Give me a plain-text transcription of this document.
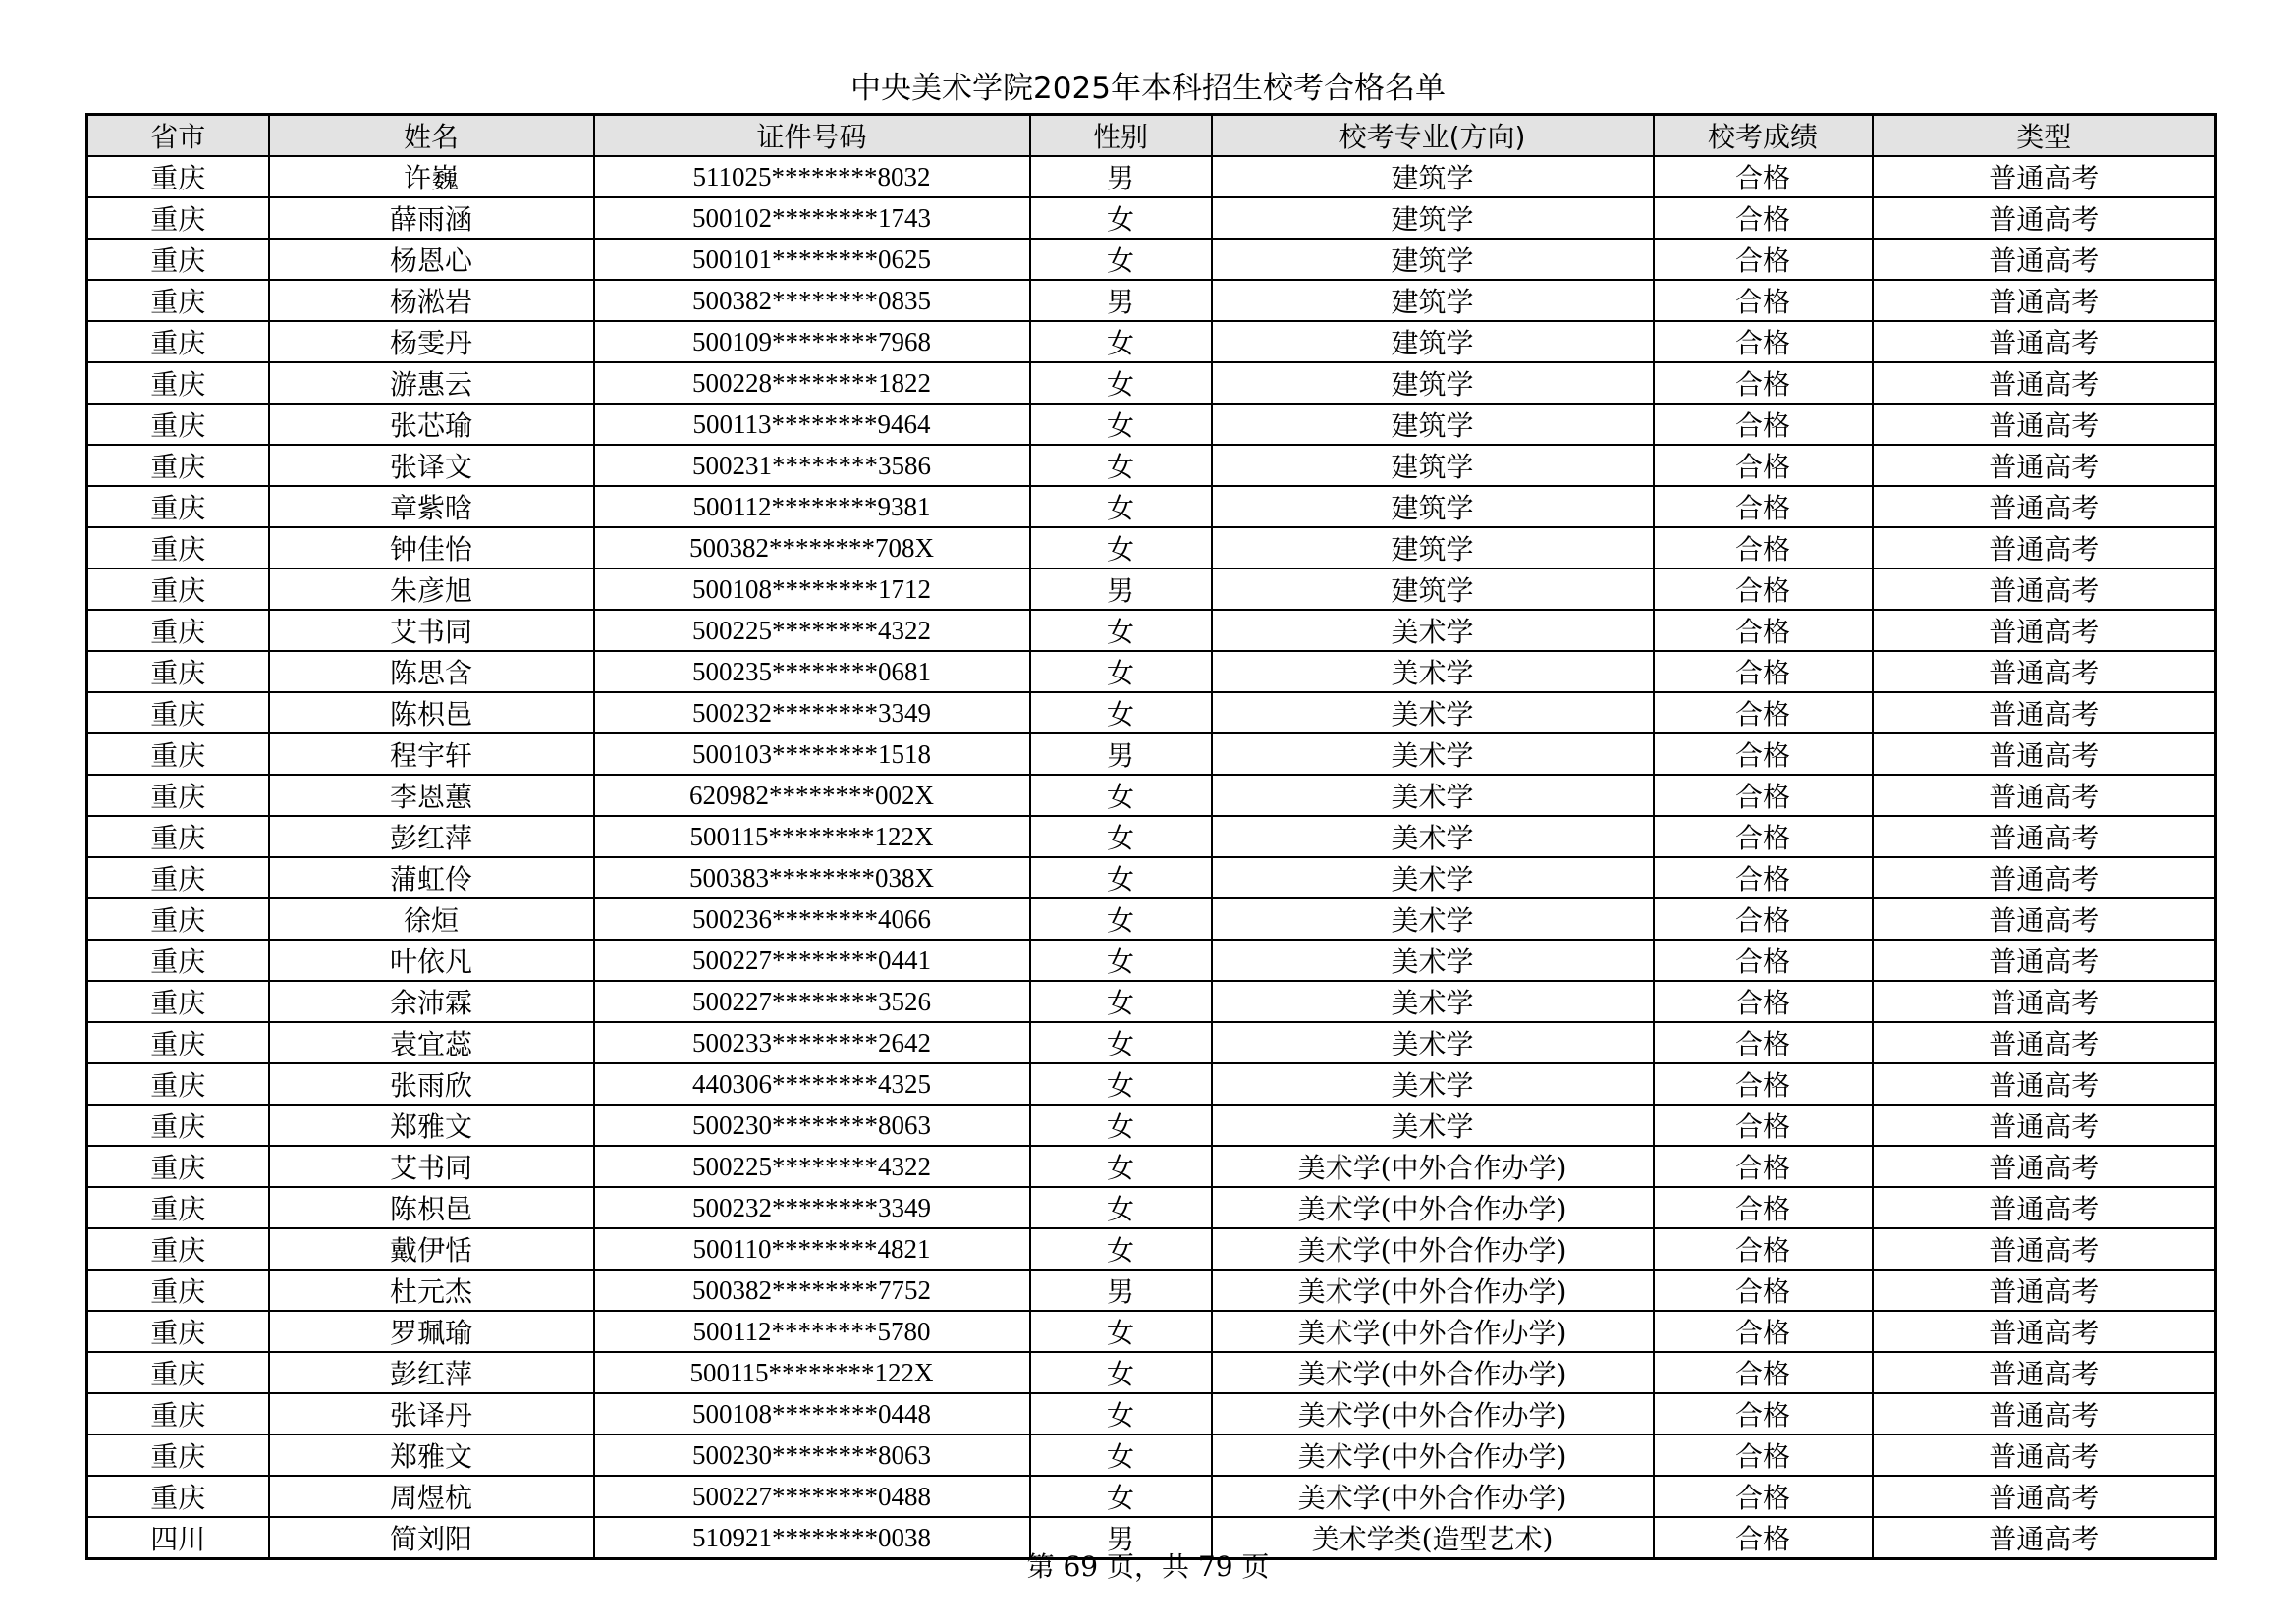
中央美术学院2025年本科招生校考合格名单
省市	姓名	证件号码	性别	校考专业(方向)	校考成绩	类型
重庆	许巍	511025********8032	男	建筑学	合格	普通高考
重庆	薛雨涵	500102********1743	女	建筑学	合格	普通高考
重庆	杨恩心	500101********0625	女	建筑学	合格	普通高考
重庆	杨淞岩	500382********0835	男	建筑学	合格	普通高考
重庆	杨雯丹	500109********7968	女	建筑学	合格	普通高考
重庆	游惠云	500228********1822	女	建筑学	合格	普通高考
重庆	张芯瑜	500113********9464	女	建筑学	合格	普通高考
重庆	张译文	500231********3586	女	建筑学	合格	普通高考
重庆	章紫晗	500112********9381	女	建筑学	合格	普通高考
重庆	钟佳怡	500382********708X	女	建筑学	合格	普通高考
重庆	朱彦旭	500108********1712	男	建筑学	合格	普通高考
重庆	艾书同	500225********4322	女	美术学	合格	普通高考
重庆	陈思含	500235********0681	女	美术学	合格	普通高考
重庆	陈枳邑	500232********3349	女	美术学	合格	普通高考
重庆	程宇轩	500103********1518	男	美术学	合格	普通高考
重庆	李恩蕙	620982********002X	女	美术学	合格	普通高考
重庆	彭红萍	500115********122X	女	美术学	合格	普通高考
重庆	蒲虹伶	500383********038X	女	美术学	合格	普通高考
重庆	徐烜	500236********4066	女	美术学	合格	普通高考
重庆	叶依凡	500227********0441	女	美术学	合格	普通高考
重庆	余沛霖	500227********3526	女	美术学	合格	普通高考
重庆	袁宜蕊	500233********2642	女	美术学	合格	普通高考
重庆	张雨欣	440306********4325	女	美术学	合格	普通高考
重庆	郑雅文	500230********8063	女	美术学	合格	普通高考
重庆	艾书同	500225********4322	女	美术学(中外合作办学)	合格	普通高考
重庆	陈枳邑	500232********3349	女	美术学(中外合作办学)	合格	普通高考
重庆	戴伊恬	500110********4821	女	美术学(中外合作办学)	合格	普通高考
重庆	杜元杰	500382********7752	男	美术学(中外合作办学)	合格	普通高考
重庆	罗珮瑜	500112********5780	女	美术学(中外合作办学)	合格	普通高考
重庆	彭红萍	500115********122X	女	美术学(中外合作办学)	合格	普通高考
重庆	张译丹	500108********0448	女	美术学(中外合作办学)	合格	普通高考
重庆	郑雅文	500230********8063	女	美术学(中外合作办学)	合格	普通高考
重庆	周煜杭	500227********0488	女	美术学(中外合作办学)	合格	普通高考
四川	简刘阳	510921********0038	男	美术学类(造型艺术)	合格	普通高考
第 69 页，共 79 页
